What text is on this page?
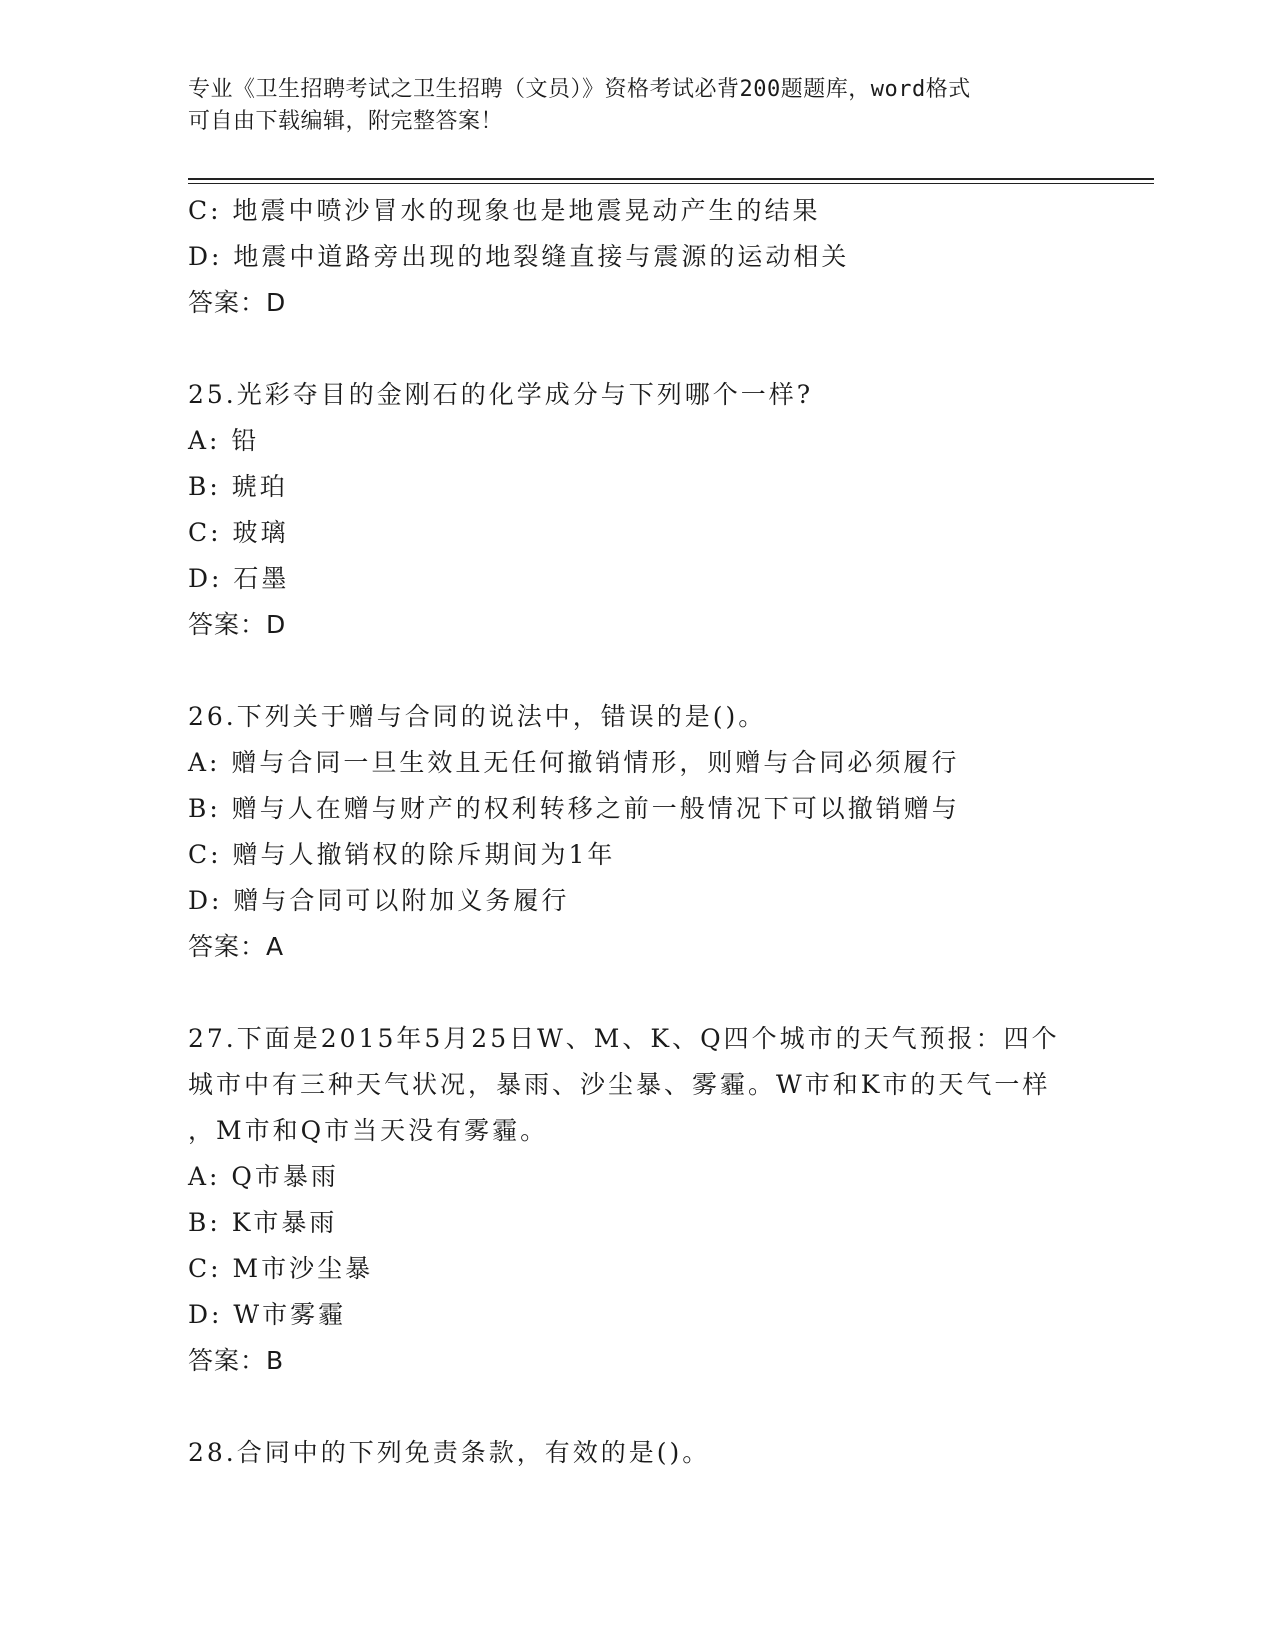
专业《卫生招聘考试之卫生招聘（文员）》资格考试必背200题题库，word格式
可自由下载编辑，附完整答案！
C: 地震中喷沙冒水的现象也是地震晃动产生的结果
D: 地震中道路旁出现的地裂缝直接与震源的运动相关
答案：D
25.光彩夺目的金刚石的化学成分与下列哪个一样?
A: 铅
B: 琥珀
C: 玻璃
D: 石墨
答案：D
26.下列关于赠与合同的说法中，错误的是()。
A: 赠与合同一旦生效且无任何撤销情形，则赠与合同必须履行
B: 赠与人在赠与财产的权利转移之前一般情况下可以撤销赠与
C: 赠与人撤销权的除斥期间为1年
D: 赠与合同可以附加义务履行
答案：A
27.下面是2015年5月25日W、M、K、Q四个城市的天气预报：四个
城市中有三种天气状况，暴雨、沙尘暴、雾霾。W市和K市的天气一样
，M市和Q市当天没有雾霾。
A: Q市暴雨
B: K市暴雨
C: M市沙尘暴
D: W市雾霾
答案：B
28.合同中的下列免责条款，有效的是()。
